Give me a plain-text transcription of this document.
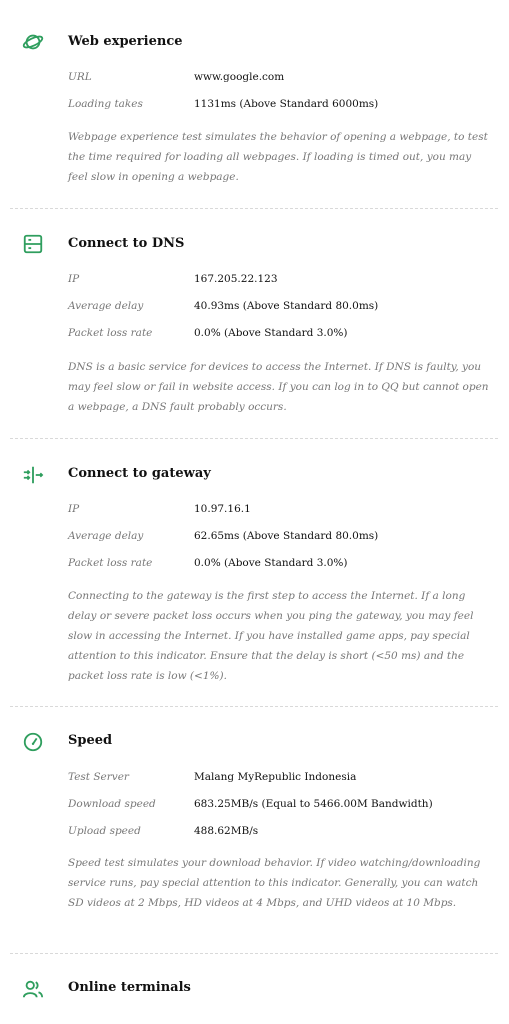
Web experience
URL	www.google.com
Loading takes	1131ms (Above Standard 6000ms)
Webpage experience test simulates the behavior of opening a webpage, to test the time required for loading all webpages. If loading is timed out, you may feel slow in opening a webpage.
Connect to DNS
IP	167.205.22.123
Average delay	40.93ms (Above Standard 80.0ms)
Packet loss rate	0.0% (Above Standard 3.0%)
DNS is a basic service for devices to access the Internet. If DNS is faulty, you may feel slow or fail in website access. If you can log in to QQ but cannot open a webpage, a DNS fault probably occurs.
Connect to gateway
IP	10.97.16.1
Average delay	62.65ms (Above Standard 80.0ms)
Packet loss rate	0.0% (Above Standard 3.0%)
Connecting to the gateway is the first step to access the Internet. If a long delay or severe packet loss occurs when you ping the gateway, you may feel slow in accessing the Internet. If you have installed game apps, pay special attention to this indicator. Ensure that the delay is short (<50 ms) and the packet loss rate is low (<1%).
Speed
Test Server	Malang MyRepublic Indonesia
Download speed	683.25MB/s (Equal to 5466.00M Bandwidth)
Upload speed	488.62MB/s
Speed test simulates your download behavior. If video watching/downloading service runs, pay special attention to this indicator. Generally, you can watch SD videos at 2 Mbps, HD videos at 4 Mbps, and UHD videos at 10 Mbps.
Online terminals
